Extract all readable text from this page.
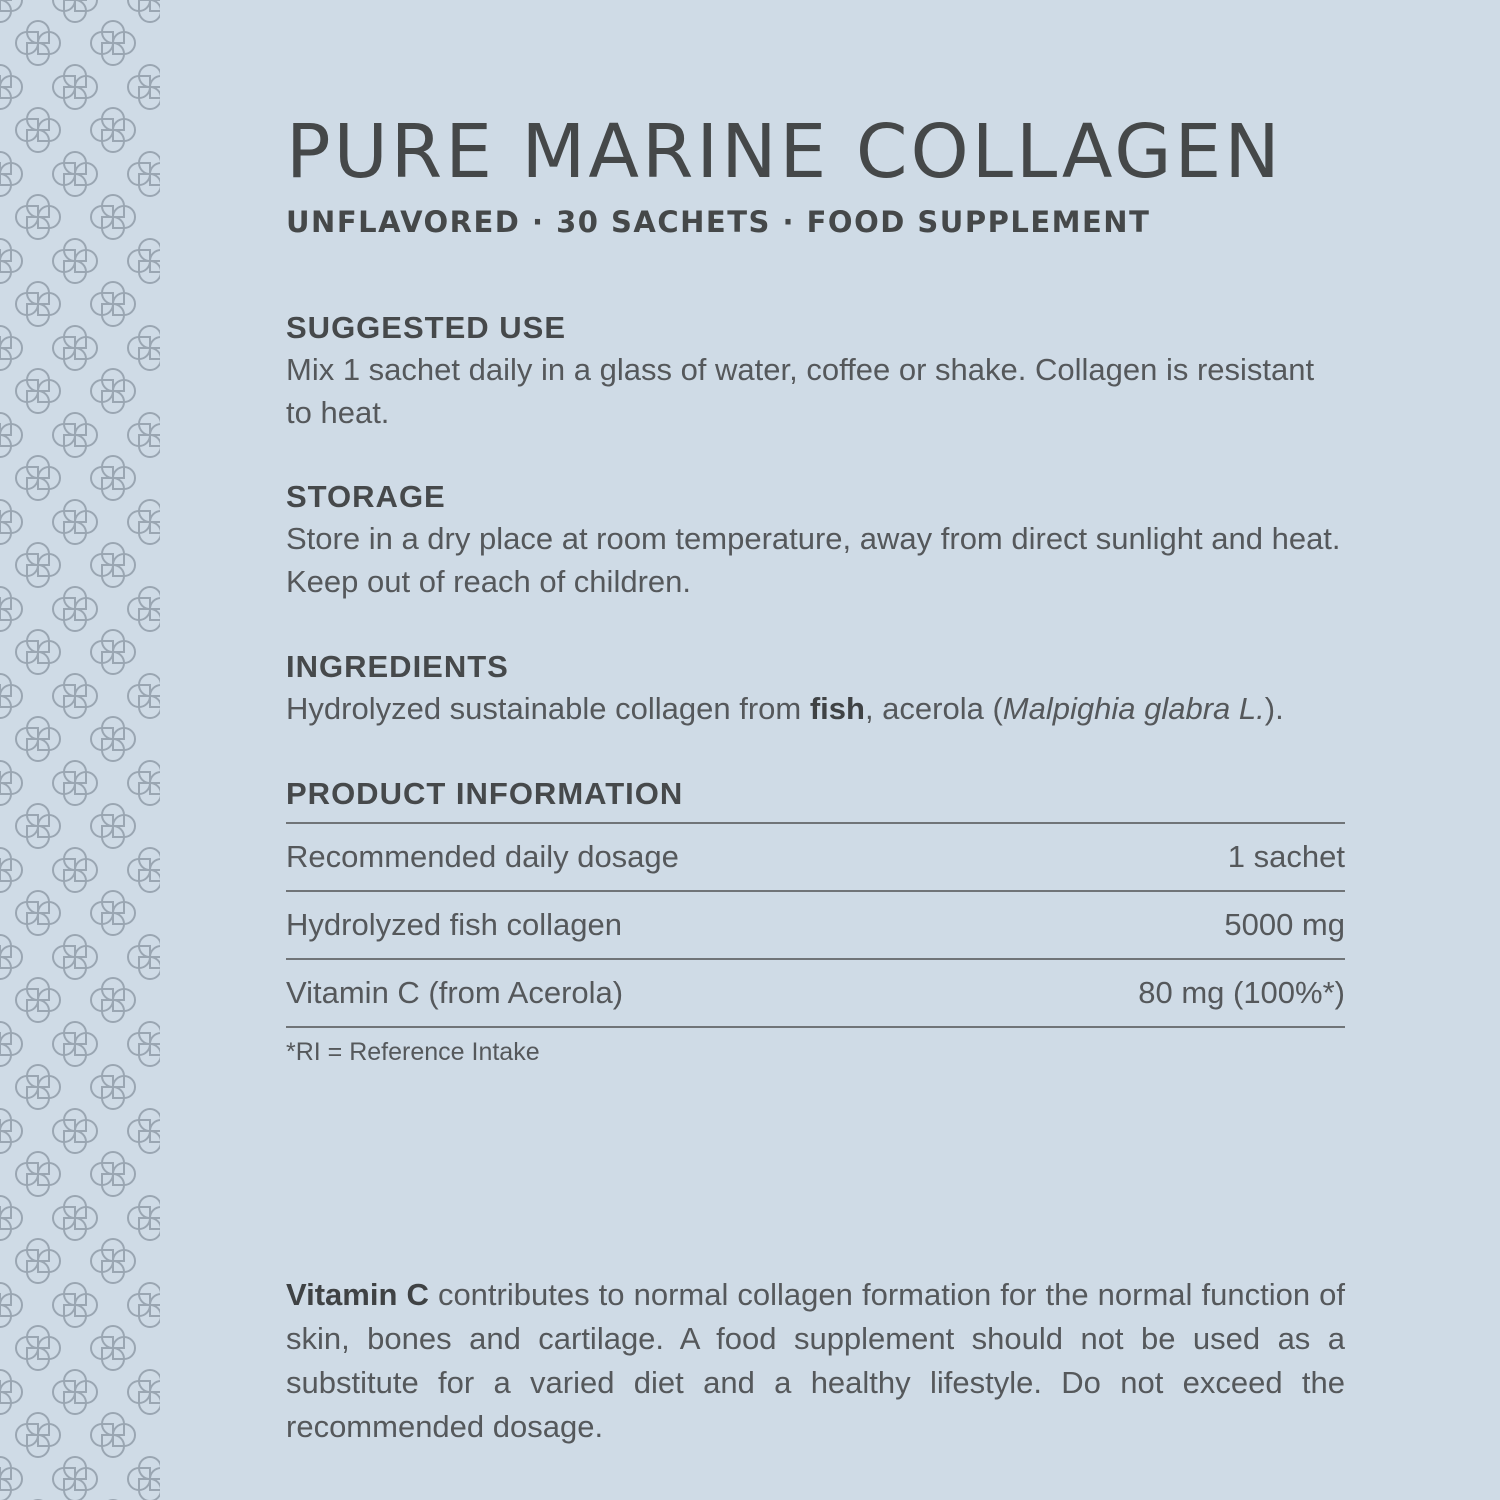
PURE MARINE COLLAGEN
UNFLAVORED · 30 SACHETS · FOOD SUPPLEMENT
SUGGESTED USE
Mix 1 sachet daily in a glass of water, coffee or shake. Collagen is resistant to heat.
STORAGE
Store in a dry place at room temperature, away from direct sunlight and heat. Keep out of reach of children.
INGREDIENTS
Hydrolyzed sustainable collagen from fish, acerola (Malpighia glabra L.).
PRODUCT INFORMATION
Recommended daily dosage	1 sachet
Hydrolyzed fish collagen	5000 mg
Vitamin C (from Acerola)	80 mg (100%*)
*RI = Reference Intake
Vitamin C contributes to normal collagen formation for the normal function of skin, bones and cartilage. A food supplement should not be used as a substitute for a varied diet and a healthy lifestyle. Do not exceed the recommended dosage.
